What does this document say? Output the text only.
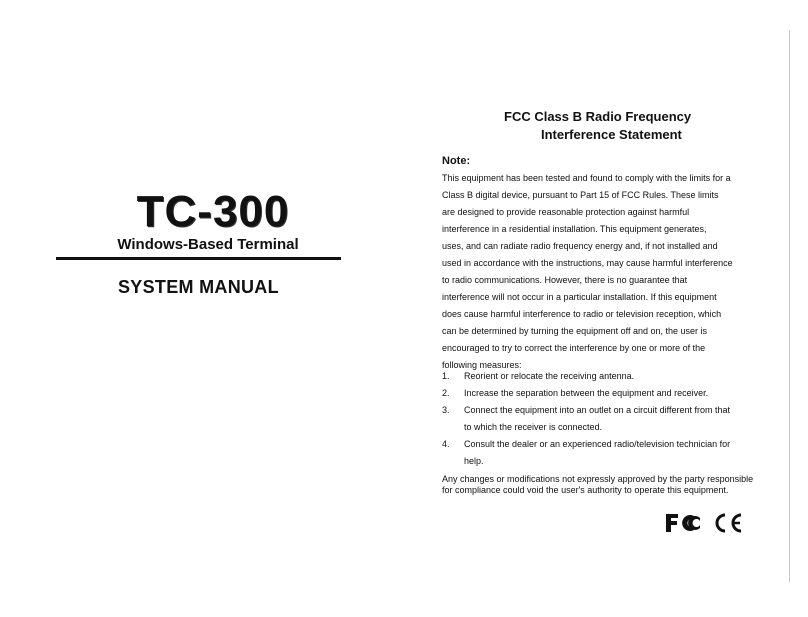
TC-300
Windows-Based Terminal
SYSTEM MANUAL
FCC Class B Radio Frequency
Interference Statement
Note:
This equipment has been tested and found to comply with the limits for a
Class B digital device, pursuant to Part 15 of FCC Rules. These limits
are designed to provide reasonable protection against harmful
interference in a residential installation. This equipment generates,
uses, and can radiate radio frequency energy and, if not installed and
used in accordance with the instructions, may cause harmful interference
to radio communications. However, there is no guarantee that
interference will not occur in a particular installation. If this equipment
does cause harmful interference to radio or television reception, which
can be determined by turning the equipment off and on, the user is
encouraged to try to correct the interference by one or more of the
following measures:
1.	Reorient or relocate the receiving antenna.
2.	Increase the separation between the equipment and receiver.
3.	Connect the equipment into an outlet on a circuit different from that
to which the receiver is connected.
4.	Consult the dealer or an experienced radio/television technician for
help.

Any changes or modifications not expressly approved by the party responsible
for compliance could void the user's authority to operate this equipment.
